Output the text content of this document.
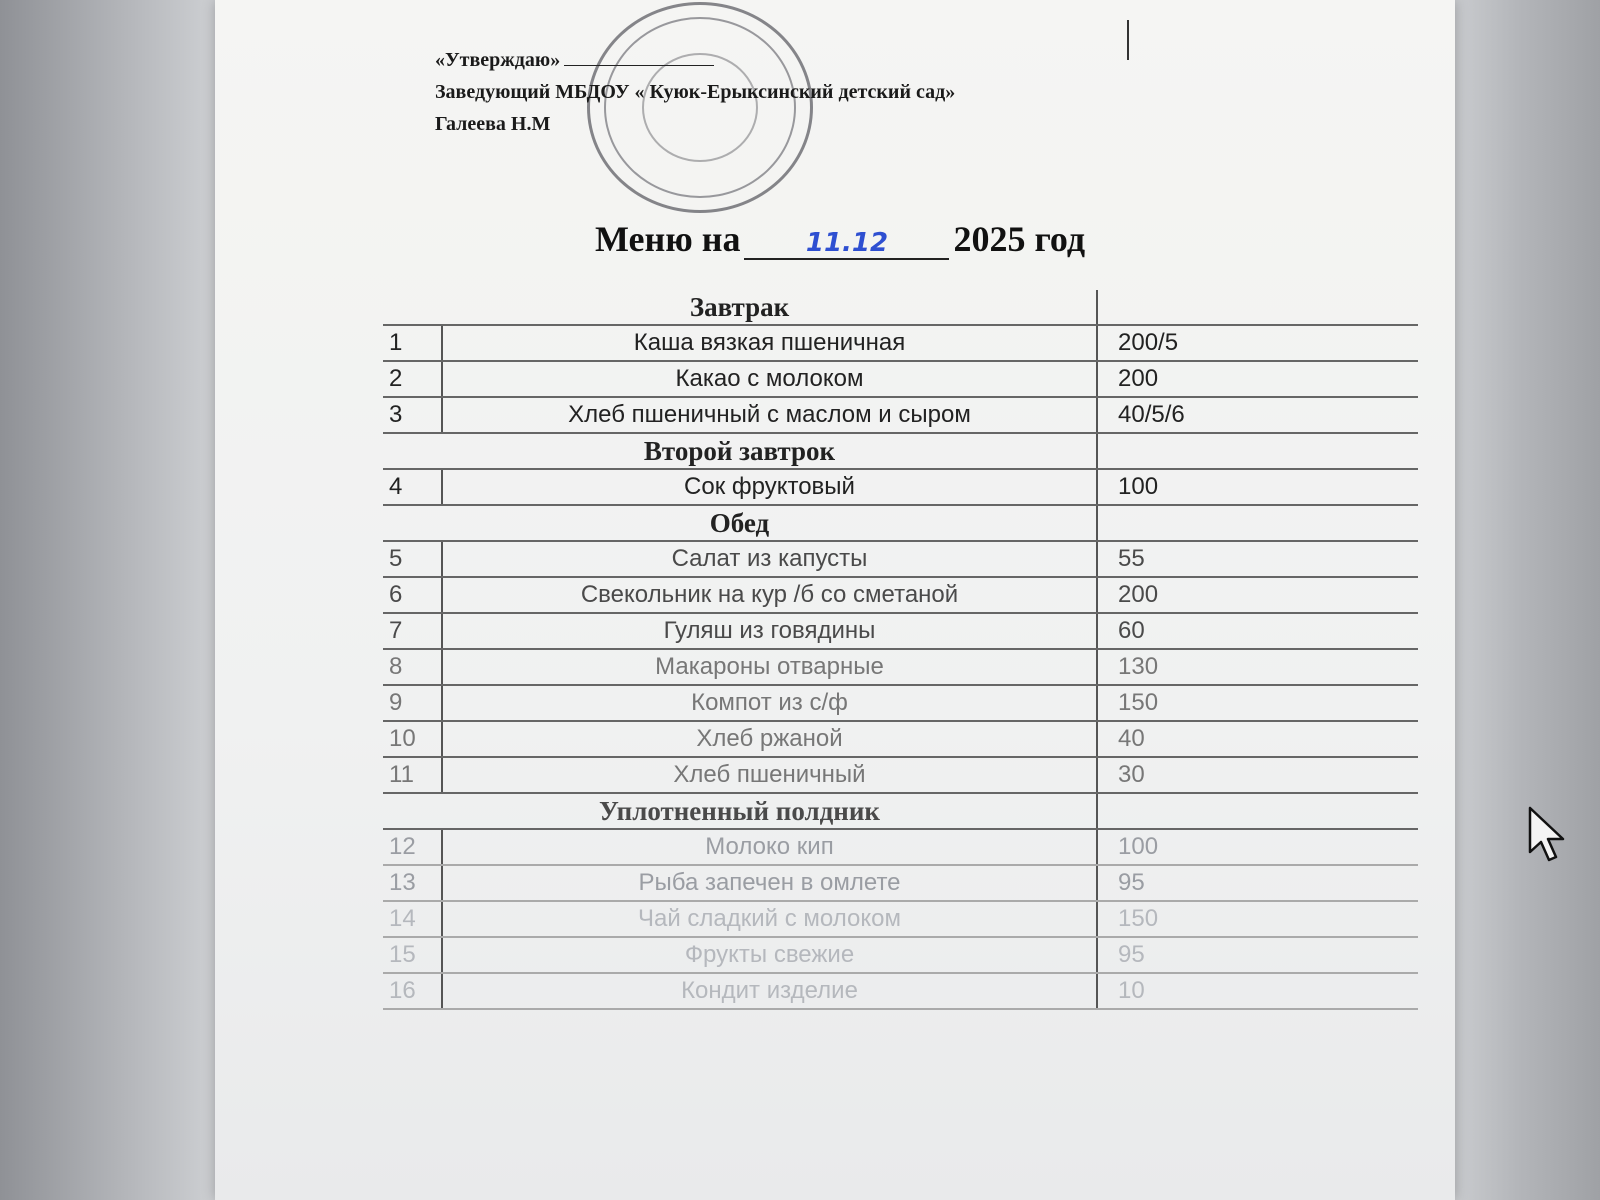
«Утверждаю»
Заведующий МБДОУ « Куюк-Ерыксинский детский сад»
Галеева Н.М
Меню на	11.12	2025 год
Завтрак		
1	Каша вязкая пшеничная	200/5
2	Какао с молоком	200
3	Хлеб пшеничный с маслом и сыром	40/5/6
Второй завтрок		
4	Сок фруктовый	100
Обед		
5	Салат из капусты	55
6	Свекольник на кур /б со сметаной	200
7	Гуляш из говядины	60
8	Макароны отварные	130
9	Компот из с/ф	150
10	Хлеб ржаной	40
11	Хлеб пшеничный	30
Уплотненный полдник		
12	Молоко кип	100
13	Рыба запечен в омлете	95
14	Чай сладкий с молоком	150
15	Фрукты свежие	95
16	Кондит изделие	10
